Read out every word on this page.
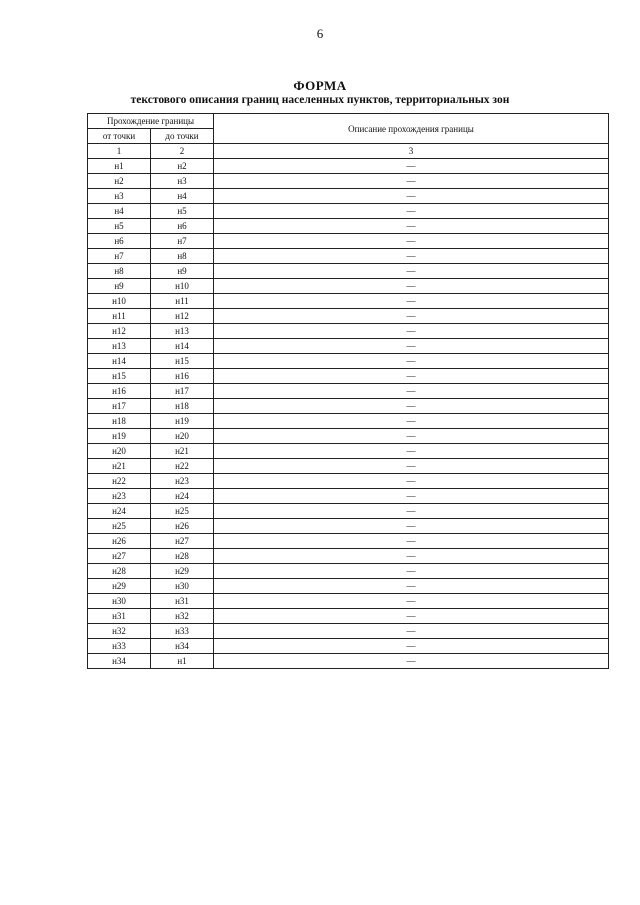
6
ФОРМА
текстового описания границ населенных пунктов, территориальных зон
Прохождение границы		Описание прохождения границы
от точки	до точки	
1	2	3
н1	н2	—
н2	н3	—
н3	н4	—
н4	н5	—
н5	н6	—
н6	н7	—
н7	н8	—
н8	н9	—
н9	н10	—
н10	н11	—
н11	н12	—
н12	н13	—
н13	н14	—
н14	н15	—
н15	н16	—
н16	н17	—
н17	н18	—
н18	н19	—
н19	н20	—
н20	н21	—
н21	н22	—
н22	н23	—
н23	н24	—
н24	н25	—
н25	н26	—
н26	н27	—
н27	н28	—
н28	н29	—
н29	н30	—
н30	н31	—
н31	н32	—
н32	н33	—
н33	н34	—
н34	н1	—
